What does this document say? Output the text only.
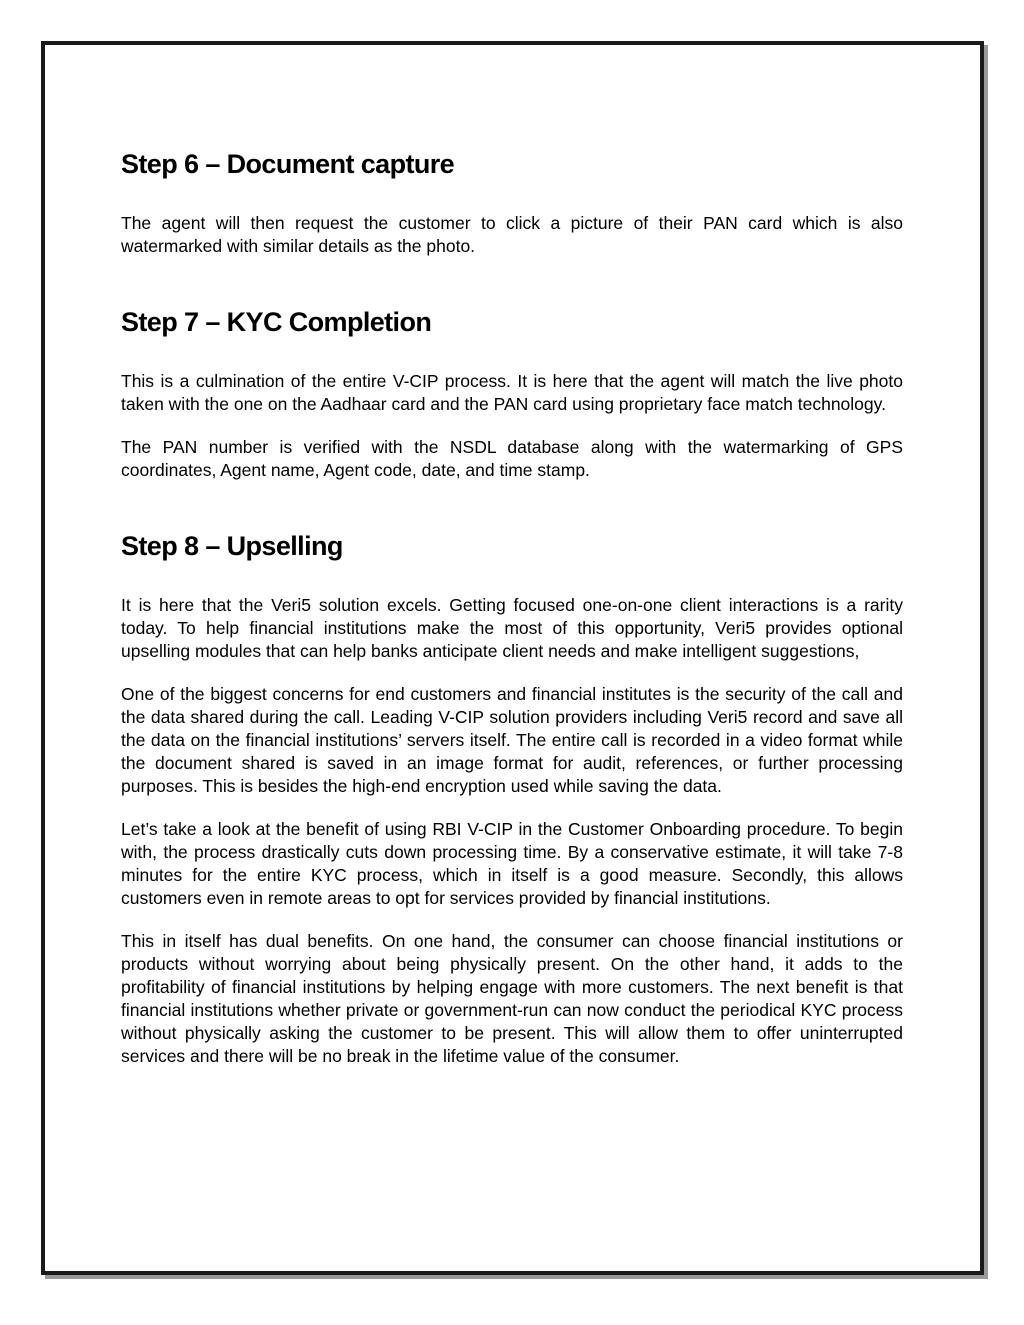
Step 6 – Document capture

The agent will then request the customer to click a picture of their PAN card which is also watermarked with similar details as the photo.

Step 7 – KYC Completion

This is a culmination of the entire V-CIP process. It is here that the agent will match the live photo taken with the one on the Aadhaar card and the PAN card using proprietary face match technology.

The PAN number is verified with the NSDL database along with the watermarking of GPS coordinates, Agent name, Agent code, date, and time stamp.

Step 8 – Upselling

It is here that the Veri5 solution excels. Getting focused one-on-one client interactions is a rarity today. To help financial institutions make the most of this opportunity, Veri5 provides optional upselling modules that can help banks anticipate client needs and make intelligent suggestions,

One of the biggest concerns for end customers and financial institutes is the security of the call and the data shared during the call. Leading V-CIP solution providers including Veri5 record and save all the data on the financial institutions’ servers itself. The entire call is recorded in a video format while the document shared is saved in an image format for audit, references, or further processing purposes. This is besides the high-end encryption used while saving the data.

Let’s take a look at the benefit of using RBI V-CIP in the Customer Onboarding procedure. To begin with, the process drastically cuts down processing time. By a conservative estimate, it will take 7-8 minutes for the entire KYC process, which in itself is a good measure. Secondly, this allows customers even in remote areas to opt for services provided by financial institutions.

This in itself has dual benefits. On one hand, the consumer can choose financial institutions or products without worrying about being physically present. On the other hand, it adds to the profitability of financial institutions by helping engage with more customers. The next benefit is that financial institutions whether private or government-run can now conduct the periodical KYC process without physically asking the customer to be present. This will allow them to offer uninterrupted services and there will be no break in the lifetime value of the consumer.
